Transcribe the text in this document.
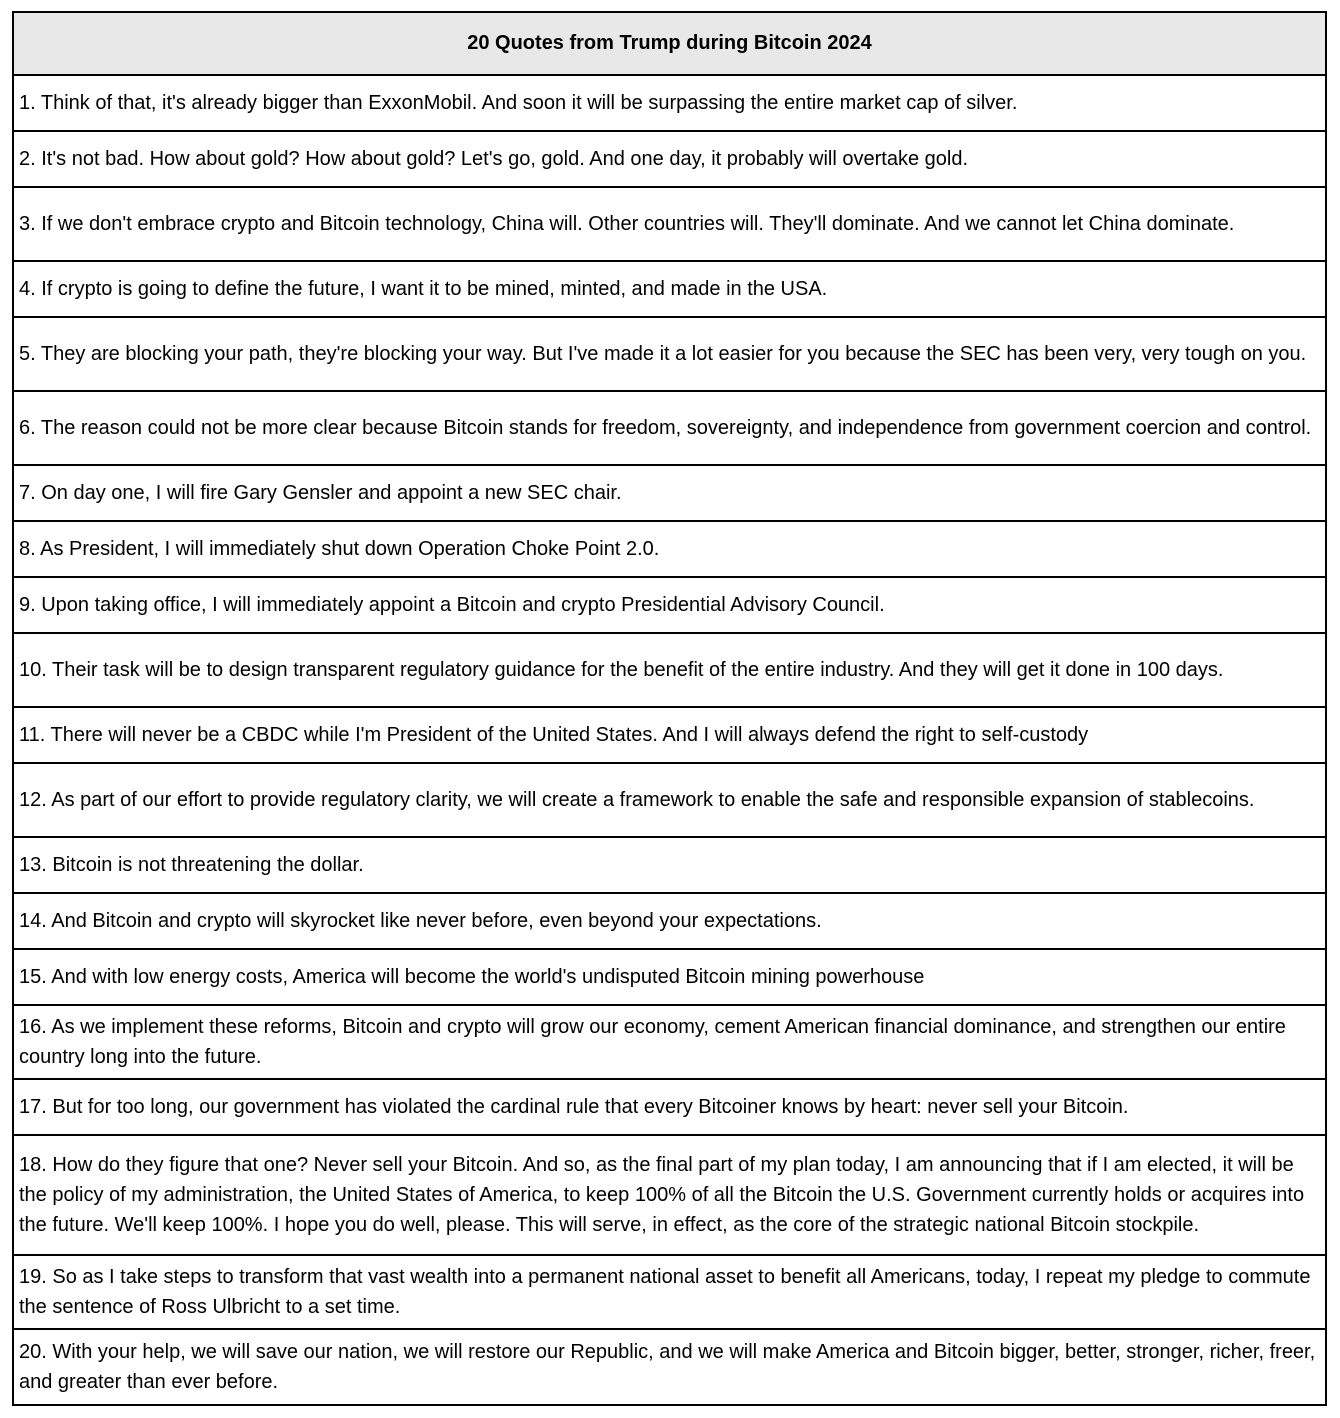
20 Quotes from Trump during Bitcoin 2024
1. Think of that, it's already bigger than ExxonMobil. And soon it will be surpassing the entire market cap of silver.
2. It's not bad. How about gold? How about gold? Let's go, gold. And one day, it probably will overtake gold.
3. If we don't embrace crypto and Bitcoin technology, China will. Other countries will. They'll dominate. And we cannot let China dominate.
4. If crypto is going to define the future, I want it to be mined, minted, and made in the USA.
5. They are blocking your path, they're blocking your way. But I've made it a lot easier for you because the SEC has been very, very tough on you.
6. The reason could not be more clear because Bitcoin stands for freedom, sovereignty, and independence from government coercion and control.
7. On day one, I will fire Gary Gensler and appoint a new SEC chair.
8. As President, I will immediately shut down Operation Choke Point 2.0.
9. Upon taking office, I will immediately appoint a Bitcoin and crypto Presidential Advisory Council.
10. Their task will be to design transparent regulatory guidance for the benefit of the entire industry. And they will get it done in 100 days.
11. There will never be a CBDC while I'm President of the United States. And I will always defend the right to self-custody
12. As part of our effort to provide regulatory clarity, we will create a framework to enable the safe and responsible expansion of stablecoins.
13. Bitcoin is not threatening the dollar.
14. And Bitcoin and crypto will skyrocket like never before, even beyond your expectations.
15. And with low energy costs, America will become the world's undisputed Bitcoin mining powerhouse
16. As we implement these reforms, Bitcoin and crypto will grow our economy, cement American financial dominance, and strengthen our entire country long into the future.
17. But for too long, our government has violated the cardinal rule that every Bitcoiner knows by heart: never sell your Bitcoin.
18. How do they figure that one? Never sell your Bitcoin. And so, as the final part of my plan today, I am announcing that if I am elected, it will be the policy of my administration, the United States of America, to keep 100% of all the Bitcoin the U.S. Government currently holds or acquires into the future. We'll keep 100%. I hope you do well, please. This will serve, in effect, as the core of the strategic national Bitcoin stockpile.
19. So as I take steps to transform that vast wealth into a permanent national asset to benefit all Americans, today, I repeat my pledge to commute the sentence of Ross Ulbricht to a set time.
20. With your help, we will save our nation, we will restore our Republic, and we will make America and Bitcoin bigger, better, stronger, richer, freer, and greater than ever before.
